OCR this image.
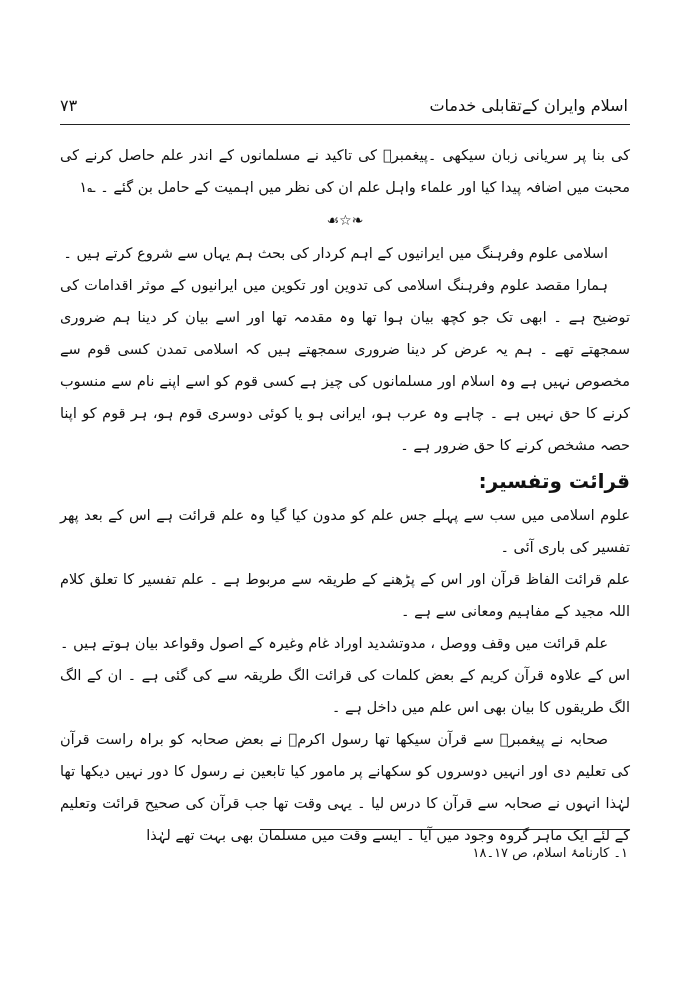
اسلام وایران کےتقابلی خدمات
۷۳

کی بنا پر سریانی زبان سیکھی ۔پیغمبرؑ کی تاکید نے مسلمانوں کے اندر علم حاصل کرنے کی محبت میں اضافہ پیدا کیا اور علماء واہل علم ان کی نظر میں اہمیت کے حامل بن گئے ۔ ؎۱

☙☆❧

اسلامی علوم وفرہنگ میں ایرانیوں کے اہم کردار کی بحث ہم یہاں سے شروع کرتے ہیں ۔

ہمارا مقصد علوم وفرہنگ اسلامی کی تدوین اور تکوین میں ایرانیوں کے موثر اقدامات کی توضیح ہے ۔ ابھی تک جو کچھ بیان ہوا تھا وہ مقدمہ تھا اور اسے بیان کر دینا ہم ضروری سمجھتے تھے ۔ ہم یہ عرض کر دینا ضروری سمجھتے ہیں کہ اسلامی تمدن کسی قوم سے مخصوص نہیں ہے وہ اسلام اور مسلمانوں کی چیز ہے کسی قوم کو اسے اپنے نام سے منسوب کرنے کا حق نہیں ہے ۔ چاہے وہ عرب ہو، ایرانی ہو یا کوئی دوسری قوم ہو، ہر قوم کو اپنا حصہ مشخص کرنے کا حق ضرور ہے ۔

قرائت وتفسیر:

علوم اسلامی میں سب سے پہلے جس علم کو مدون کیا گیا وہ علم قرائت ہے اس کے بعد پھر تفسیر کی باری آئی ۔

علم قرائت الفاظ قرآن اور اس کے پڑھنے کے طریقہ سے مربوط ہے ۔ علم تفسیر کا تعلق کلام اللہ مجید کے مفاہیم ومعانی سے ہے ۔

علم قرائت میں وقف ووصل ، مدوتشدید اوراد غام وغیرہ کے اصول وقواعد بیان ہوتے ہیں ۔ اس کے علاوہ قرآن کریم کے بعض کلمات کی قرائت الگ طریقہ سے کی گئی ہے ۔ ان کے الگ الگ طریقوں کا بیان بھی اس علم میں داخل ہے ۔

صحابہ نے پیغمبرؐ سے قرآن سیکھا تھا رسول اکرمؐ نے بعض صحابہ کو براہ راست قرآن کی تعلیم دی اور انہیں دوسروں کو سکھانے پر مامور کیا تابعین نے رسول کا دور نہیں دیکھا تھا لہٰذا انہوں نے صحابہ سے قرآن کا درس لیا ۔ یہی وقت تھا جب قرآن کی صحیح قرائت وتعلیم کے لئے ایک ماہر گروہ وجود میں آیا ۔ ایسے وقت میں مسلمان بھی بہت تھے لہٰذا

۱۔ کارنامۂ اسلام، ص ۱۷۔۱۸
